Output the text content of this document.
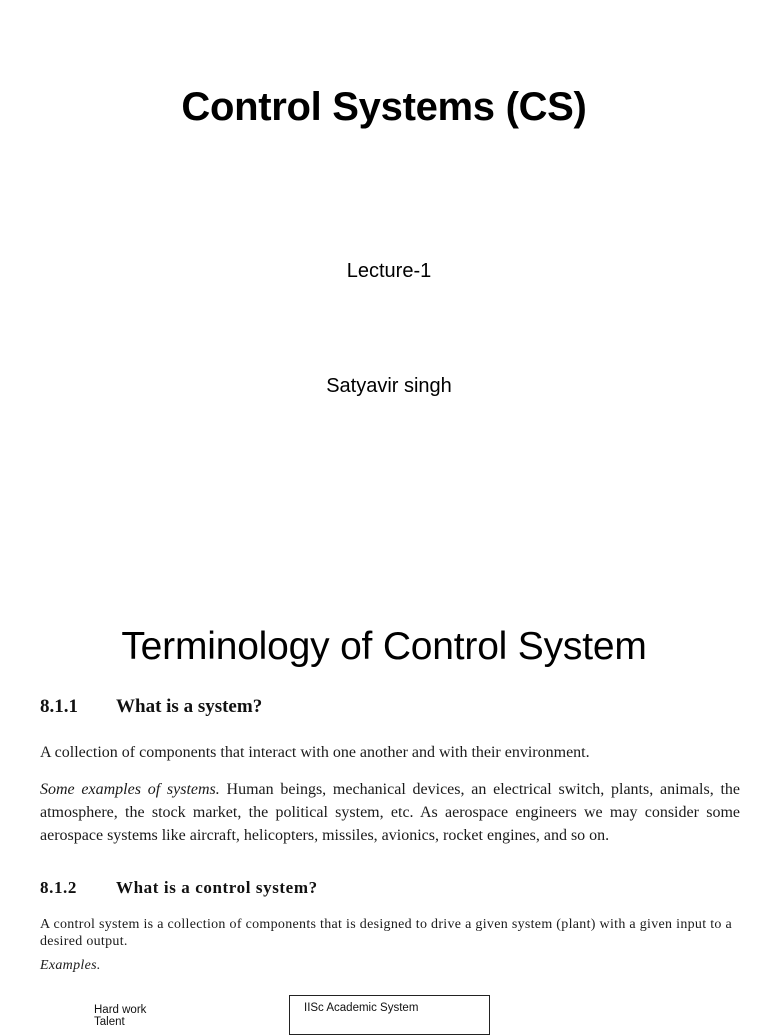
Control Systems (CS)
Lecture-1
Satyavir singh
Terminology of Control System
8.1.1 What is a system?
A collection of components that interact with one another and with their environment.
Some examples of systems. Human beings, mechanical devices, an electrical switch, plants, animals, the atmosphere, the stock market, the political system, etc. As aerospace engineers we may consider some aerospace systems like aircraft, helicopters, missiles, avionics, rocket engines, and so on.
8.1.2 What is a control system?
A control system is a collection of components that is designed to drive a given system (plant) with a given input to a desired output.
Examples.
Hard work
Talent
IISc Academic System
